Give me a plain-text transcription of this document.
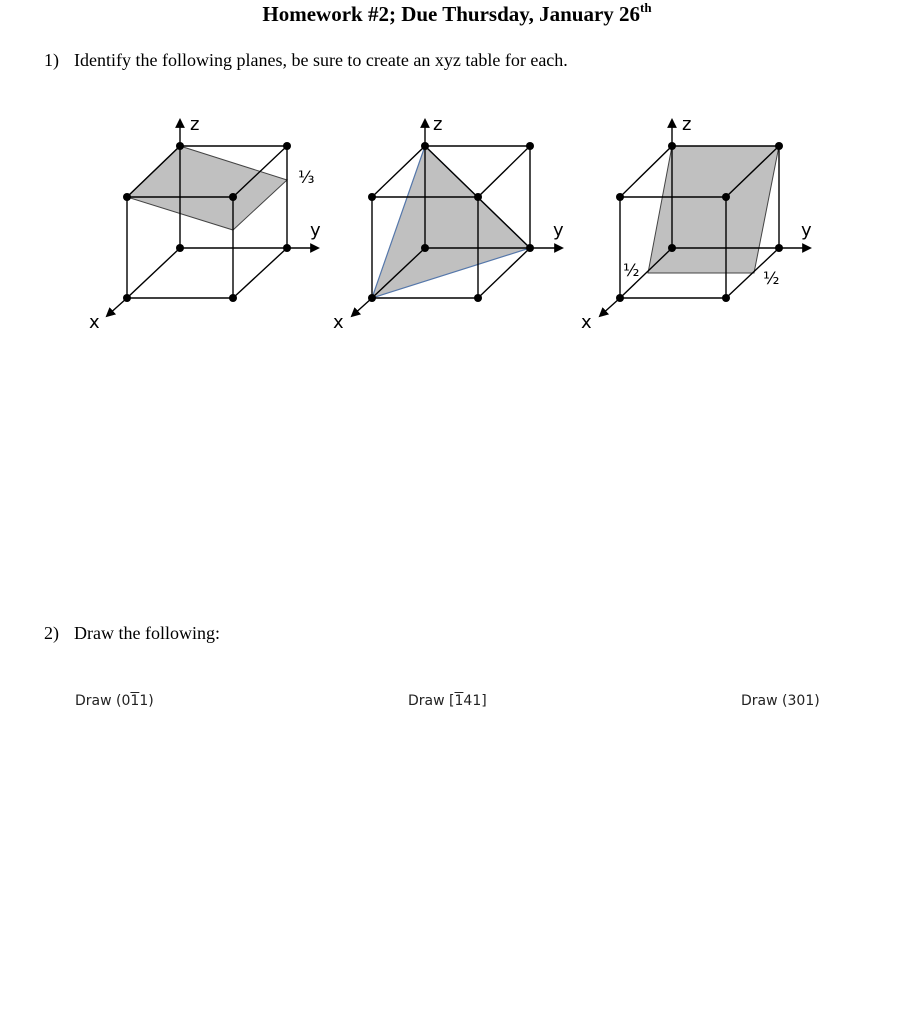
Homework #2; Due Thursday, January 26th
1) Identify the following planes, be sure to create an xyz table for each.
2) Draw the following:
Draw (011)	Draw [141]	Draw (301)
z
y
x
⅓
z
y
x
z
y
x
½	½
